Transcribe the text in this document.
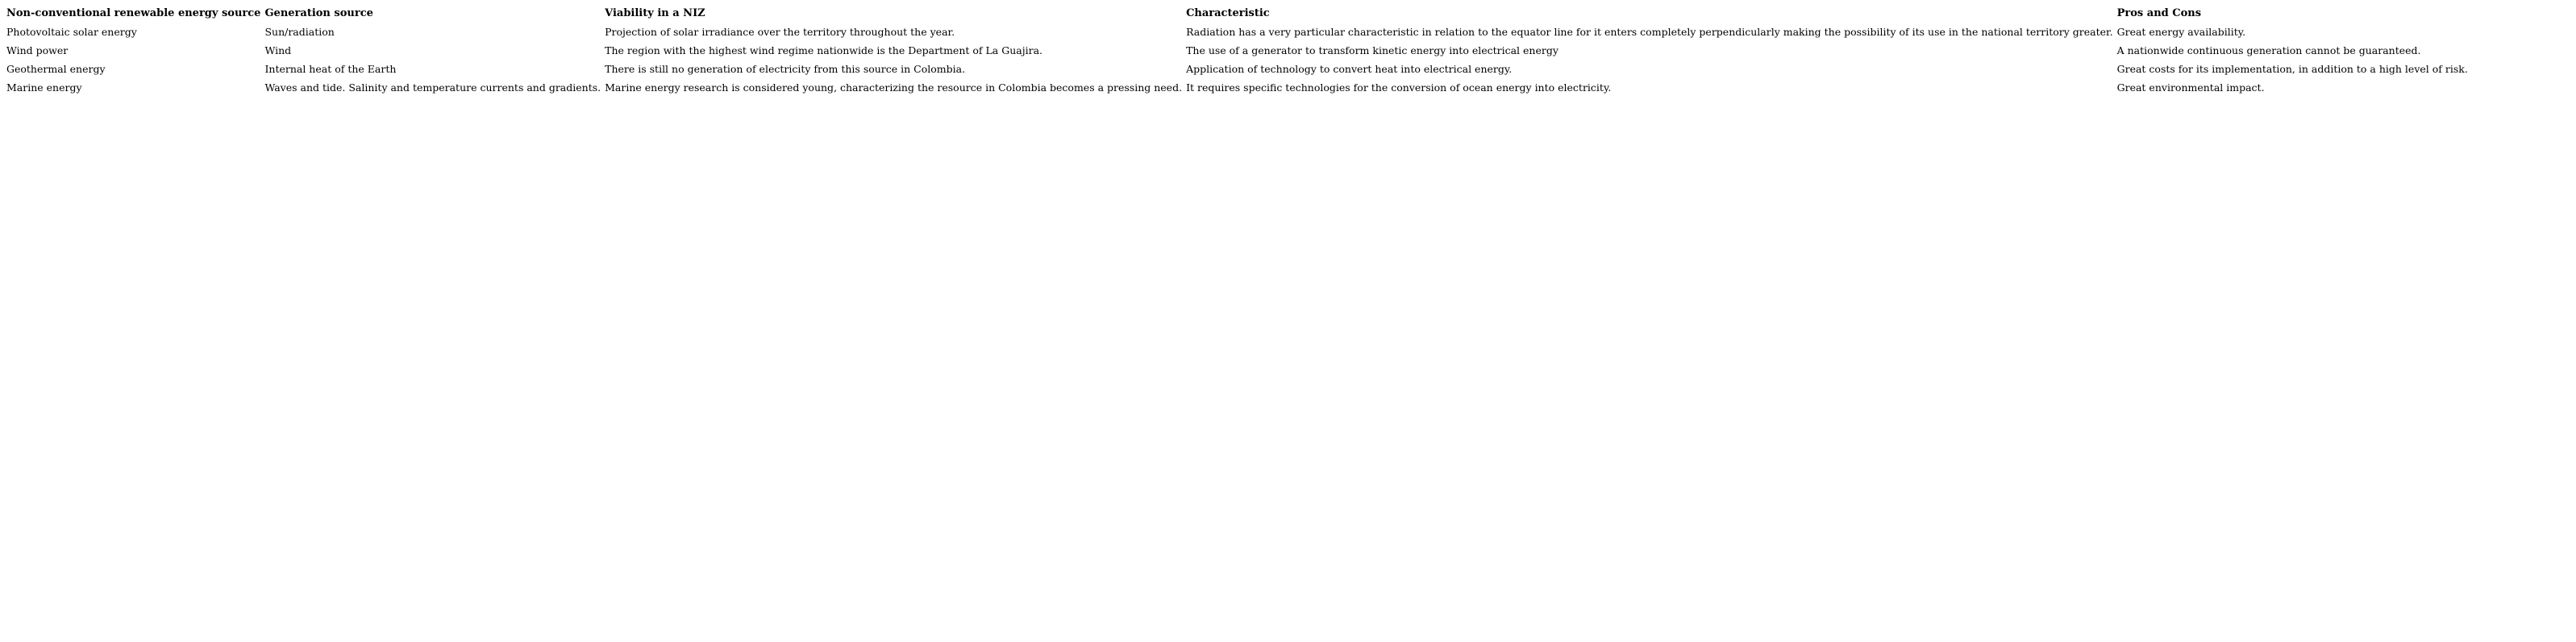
Non-conventional renewable energy source	Generation source	Viability in a NIZ	Characteristic	Pros and Cons
Photovoltaic solar energy	Sun/radiation	Projection of solar irradiance over the territory throughout the year.	Radiation has a very particular characteristic in relation to the equator line for it enters completely perpendicularly making the possibility of its use in the national territory greater.	Great energy availability.
Wind power	Wind	The region with the highest wind regime nationwide is the Department of La Guajira.	The use of a generator to transform kinetic energy into electrical energy	A nationwide continuous generation cannot be guaranteed.
Geothermal energy	Internal heat of the Earth	There is still no generation of electricity from this source in Colombia.	Application of technology to convert heat into electrical energy.	Great costs for its implementation, in addition to a high level of risk.
Marine energy	Waves and tide. Salinity and temperature currents and gradients.	Marine energy research is considered young, characterizing the resource in Colombia becomes a pressing need.	It requires specific technologies for the conversion of ocean energy into electricity.	Great environmental impact.
